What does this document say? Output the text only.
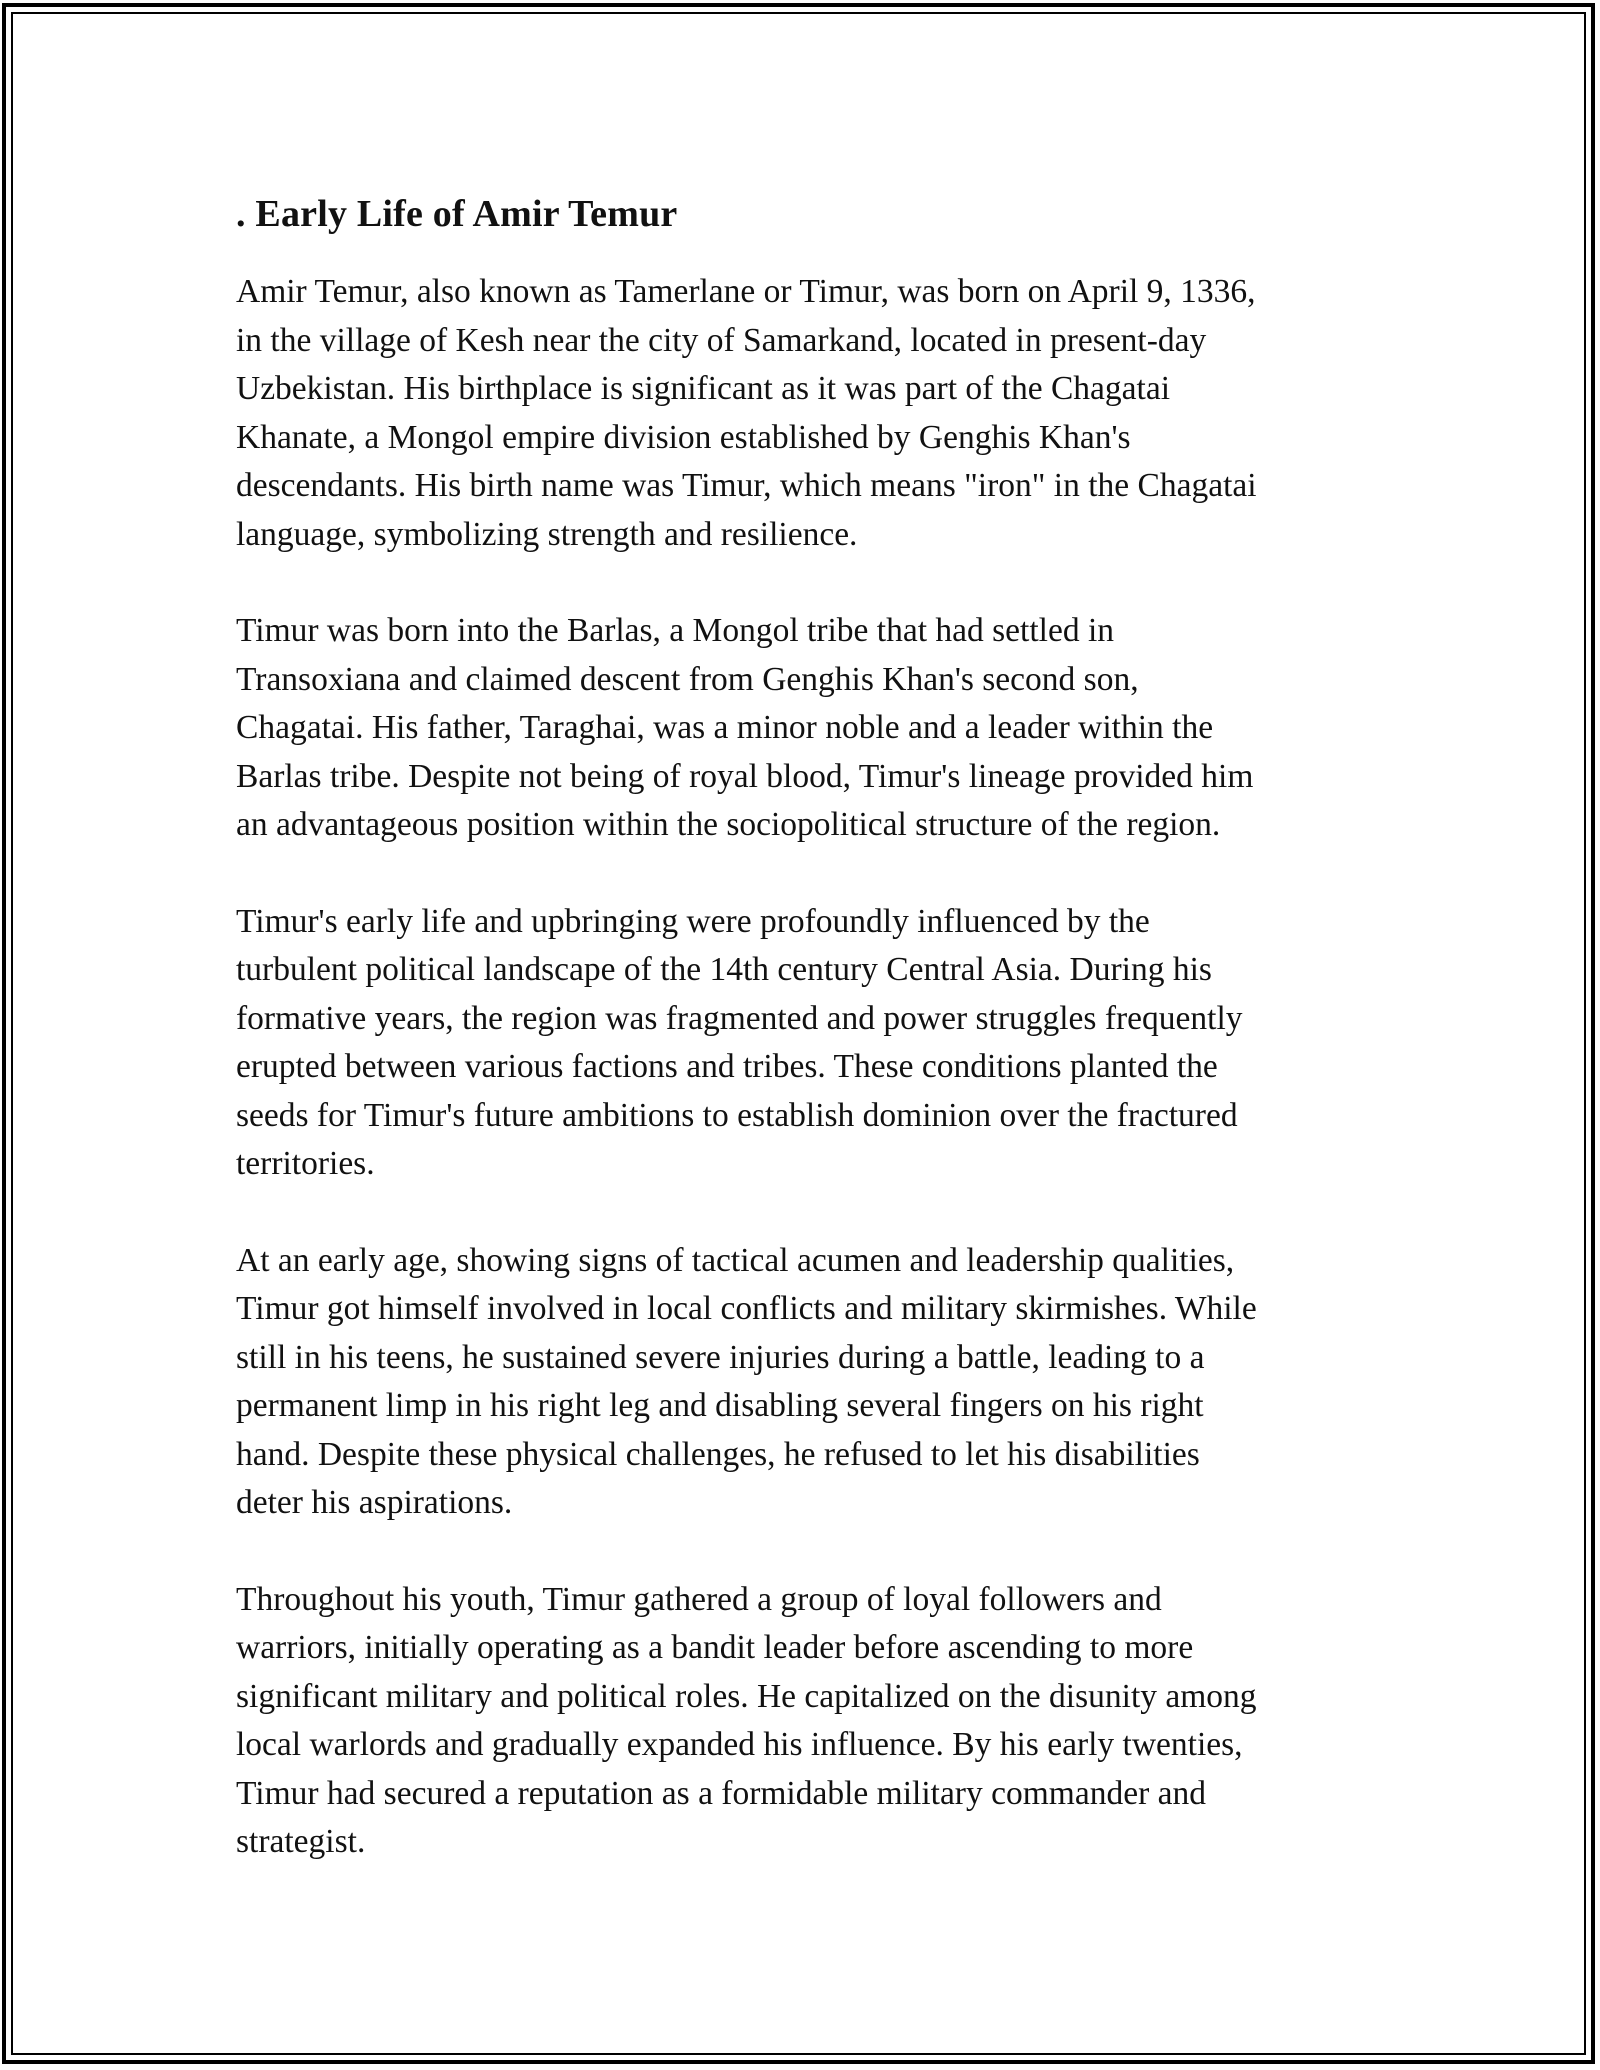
. Early Life of Amir Temur

Amir Temur, also known as Tamerlane or Timur, was born on April 9, 1336,
in the village of Kesh near the city of Samarkand, located in present-day
Uzbekistan. His birthplace is significant as it was part of the Chagatai
Khanate, a Mongol empire division established by Genghis Khan's
descendants. His birth name was Timur, which means "iron" in the Chagatai
language, symbolizing strength and resilience.

Timur was born into the Barlas, a Mongol tribe that had settled in
Transoxiana and claimed descent from Genghis Khan's second son,
Chagatai. His father, Taraghai, was a minor noble and a leader within the
Barlas tribe. Despite not being of royal blood, Timur's lineage provided him
an advantageous position within the sociopolitical structure of the region.

Timur's early life and upbringing were profoundly influenced by the
turbulent political landscape of the 14th century Central Asia. During his
formative years, the region was fragmented and power struggles frequently
erupted between various factions and tribes. These conditions planted the
seeds for Timur's future ambitions to establish dominion over the fractured
territories.

At an early age, showing signs of tactical acumen and leadership qualities,
Timur got himself involved in local conflicts and military skirmishes. While
still in his teens, he sustained severe injuries during a battle, leading to a
permanent limp in his right leg and disabling several fingers on his right
hand. Despite these physical challenges, he refused to let his disabilities
deter his aspirations.

Throughout his youth, Timur gathered a group of loyal followers and
warriors, initially operating as a bandit leader before ascending to more
significant military and political roles. He capitalized on the disunity among
local warlords and gradually expanded his influence. By his early twenties,
Timur had secured a reputation as a formidable military commander and
strategist.
